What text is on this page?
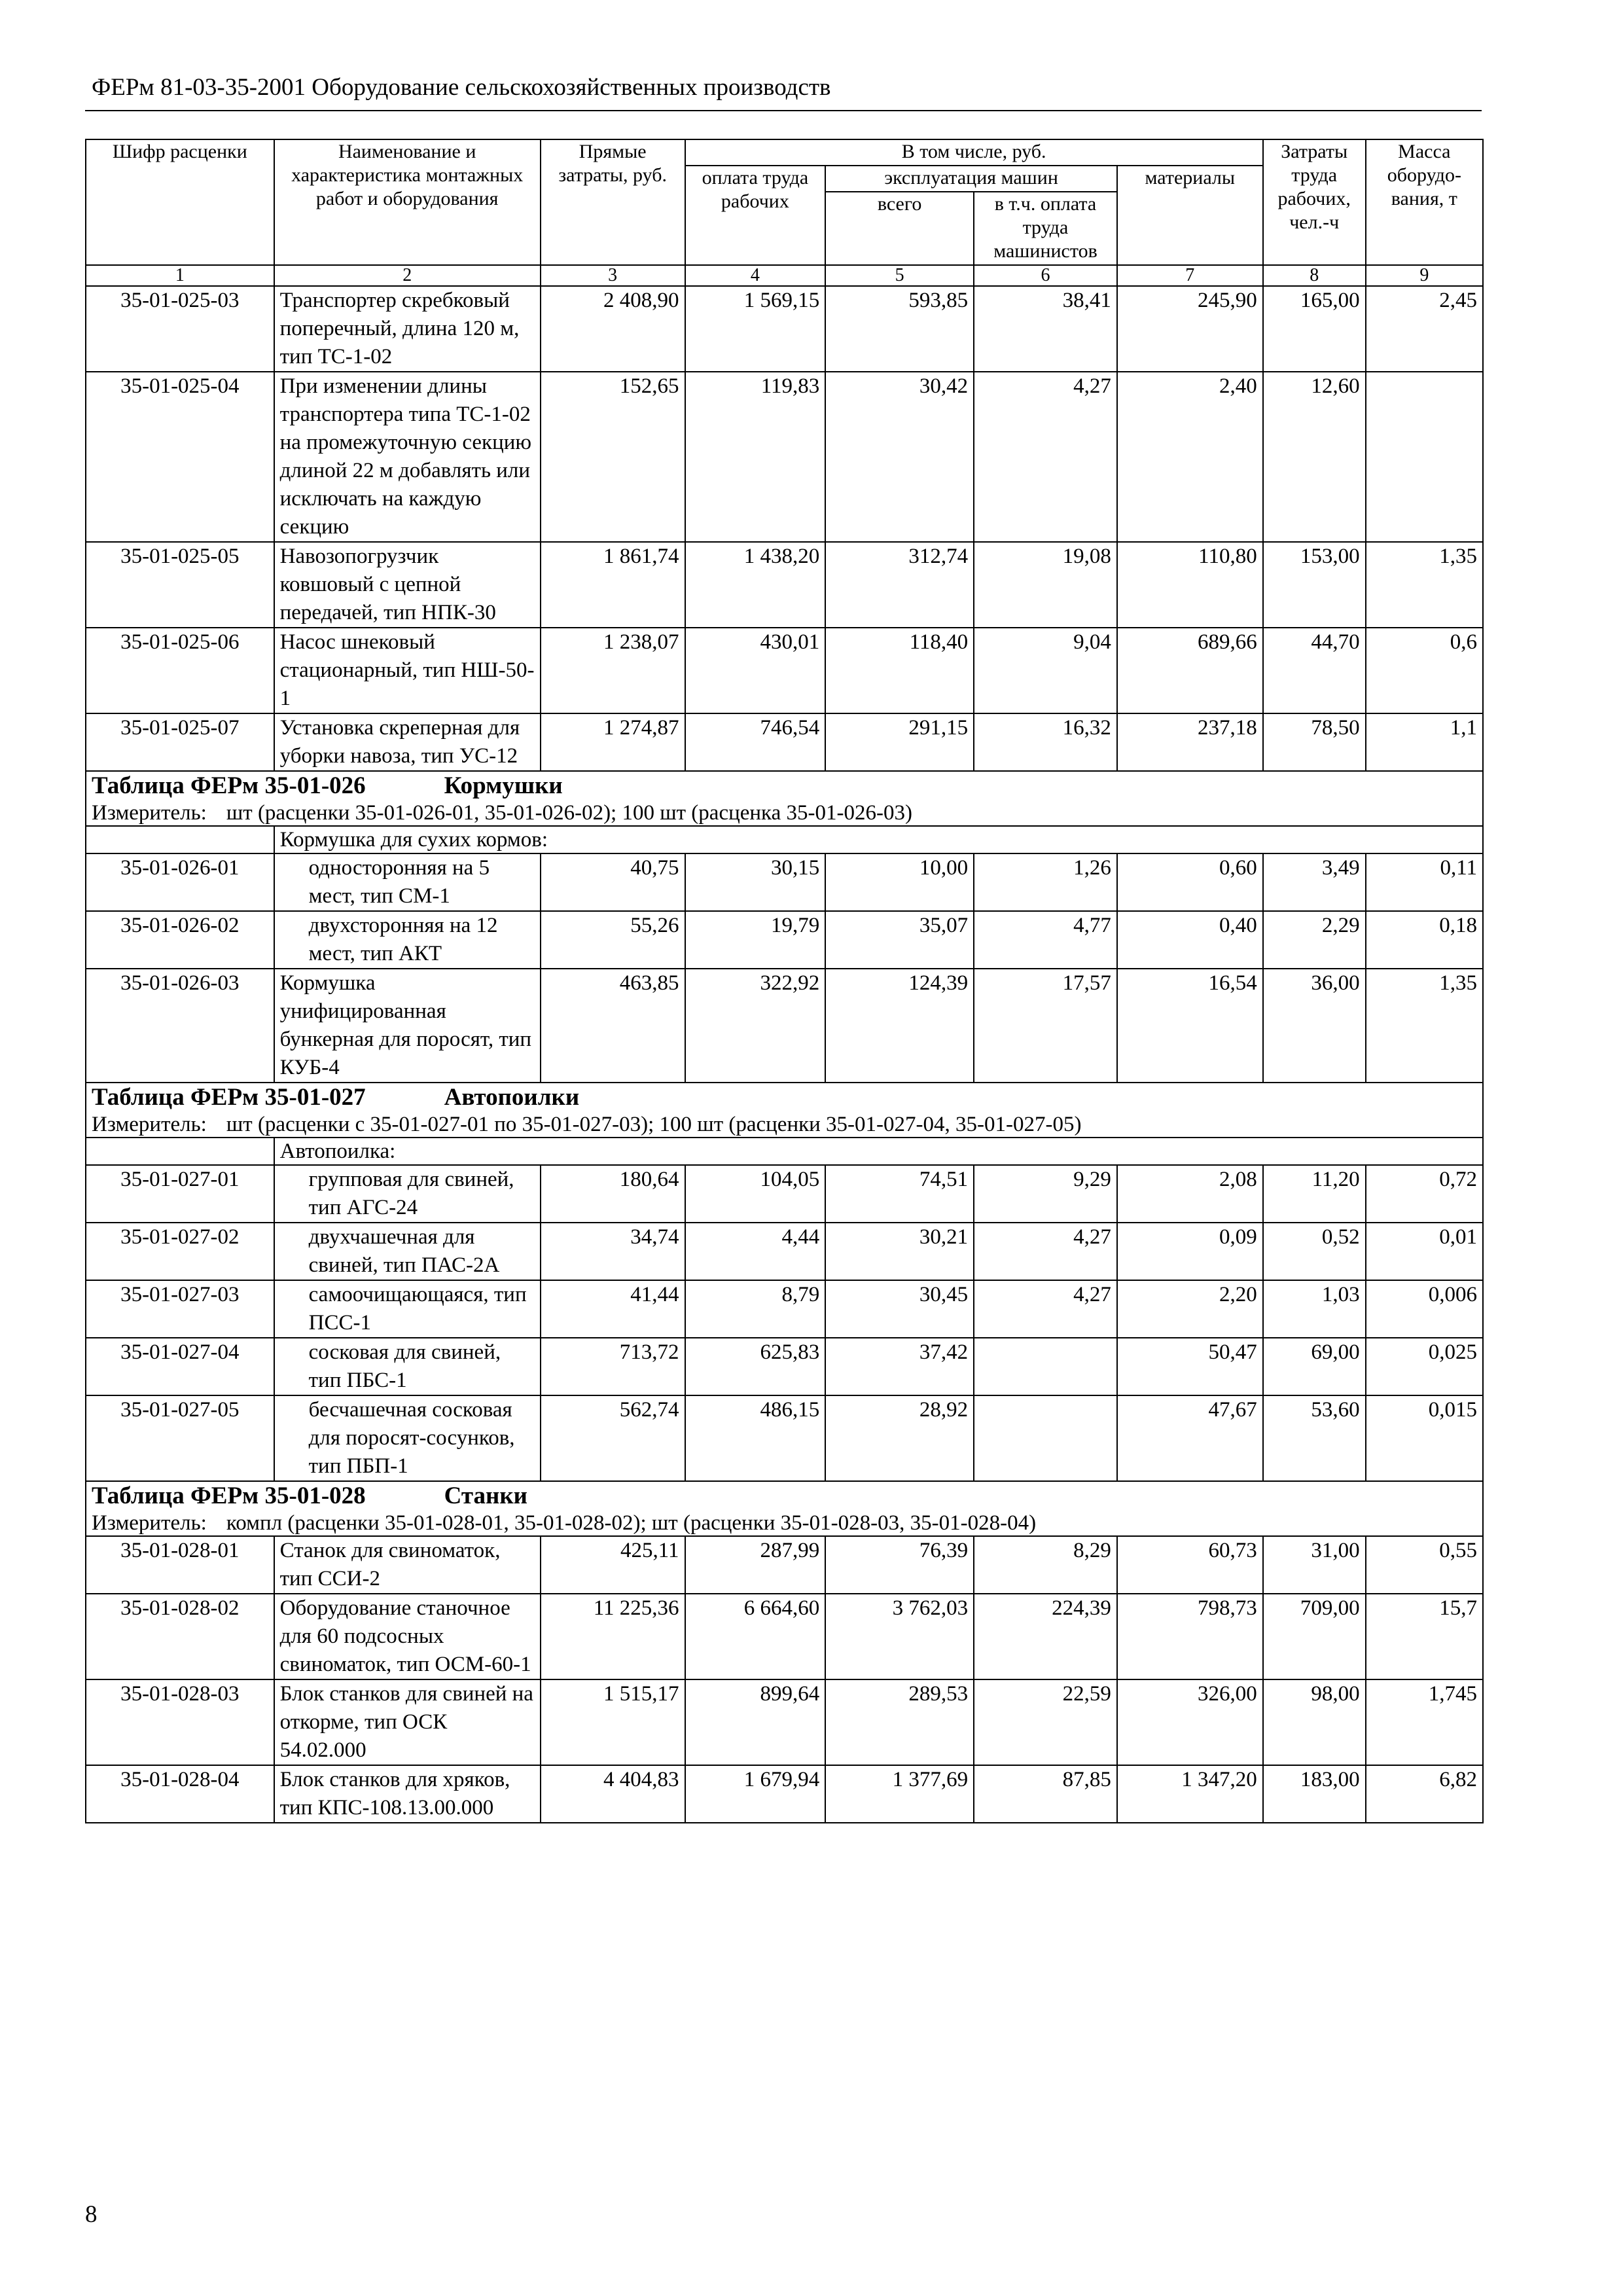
ФЕРм 81-03-35-2001 Оборудование сельскохозяйственных производств
Шифр расценки	Наименование и характеристика монтажных работ и оборудования	Прямые затраты, руб.	В том числе, руб.				Затраты труда рабочих, чел.-ч	Масса оборудо-вания, т
			оплата труда рабочих	эксплуатация машин		материалы		
				всего	в т.ч. оплата труда машинистов			
1	2	3	4	5	6	7	8	9
35-01-025-03	Транспортер скребковый поперечный, длина 120 м, тип ТС-1-02	2 408,90	1 569,15	593,85	38,41	245,90	165,00	2,45
35-01-025-04	При изменении длины транспортера типа ТС-1-02 на промежуточную секцию длиной 22 м добавлять или исключать на каждую секцию	152,65	119,83	30,42	4,27	2,40	12,60	
35-01-025-05	Навозопогрузчик ковшовый с цепной передачей, тип НПК-30	1 861,74	1 438,20	312,74	19,08	110,80	153,00	1,35
35-01-025-06	Насос шнековый стационарный, тип НШ-50-1	1 238,07	430,01	118,40	9,04	689,66	44,70	0,6
35-01-025-07	Установка скреперная для уборки навоза, тип УС-12	1 274,87	746,54	291,15	16,32	237,18	78,50	1,1
Таблица ФЕРм 35-01-026 Кормушки								
Измеритель: шт (расценки 35-01-026-01, 35-01-026-02); 100 шт (расценка 35-01-026-03)								
	Кормушка для сухих кормов:							
35-01-026-01	односторонняя на 5 мест, тип СМ-1	40,75	30,15	10,00	1,26	0,60	3,49	0,11
35-01-026-02	двухсторонняя на 12 мест, тип АКТ	55,26	19,79	35,07	4,77	0,40	2,29	0,18
35-01-026-03	Кормушка унифицированная бункерная для поросят, тип КУБ-4	463,85	322,92	124,39	17,57	16,54	36,00	1,35
Таблица ФЕРм 35-01-027 Автопоилки								
Измеритель: шт (расценки с 35-01-027-01 по 35-01-027-03); 100 шт (расценки 35-01-027-04, 35-01-027-05)								
	Автопоилка:							
35-01-027-01	групповая для свиней, тип АГС-24	180,64	104,05	74,51	9,29	2,08	11,20	0,72
35-01-027-02	двухчашечная для свиней, тип ПАС-2А	34,74	4,44	30,21	4,27	0,09	0,52	0,01
35-01-027-03	самоочищающаяся, тип ПСС-1	41,44	8,79	30,45	4,27	2,20	1,03	0,006
35-01-027-04	сосковая для свиней, тип ПБС-1	713,72	625,83	37,42		50,47	69,00	0,025
35-01-027-05	бесчашечная сосковая для поросят-сосунков, тип ПБП-1	562,74	486,15	28,92		47,67	53,60	0,015
Таблица ФЕРм 35-01-028 Станки								
Измеритель: компл (расценки 35-01-028-01, 35-01-028-02); шт (расценки 35-01-028-03, 35-01-028-04)								
35-01-028-01	Станок для свиноматок, тип ССИ-2	425,11	287,99	76,39	8,29	60,73	31,00	0,55
35-01-028-02	Оборудование станочное для 60 подсосных свиноматок, тип ОСМ-60-1	11 225,36	6 664,60	3 762,03	224,39	798,73	709,00	15,7
35-01-028-03	Блок станков для свиней на откорме, тип ОСК 54.02.000	1 515,17	899,64	289,53	22,59	326,00	98,00	1,745
35-01-028-04	Блок станков для хряков, тип КПС-108.13.00.000	4 404,83	1 679,94	1 377,69	87,85	1 347,20	183,00	6,82
8
